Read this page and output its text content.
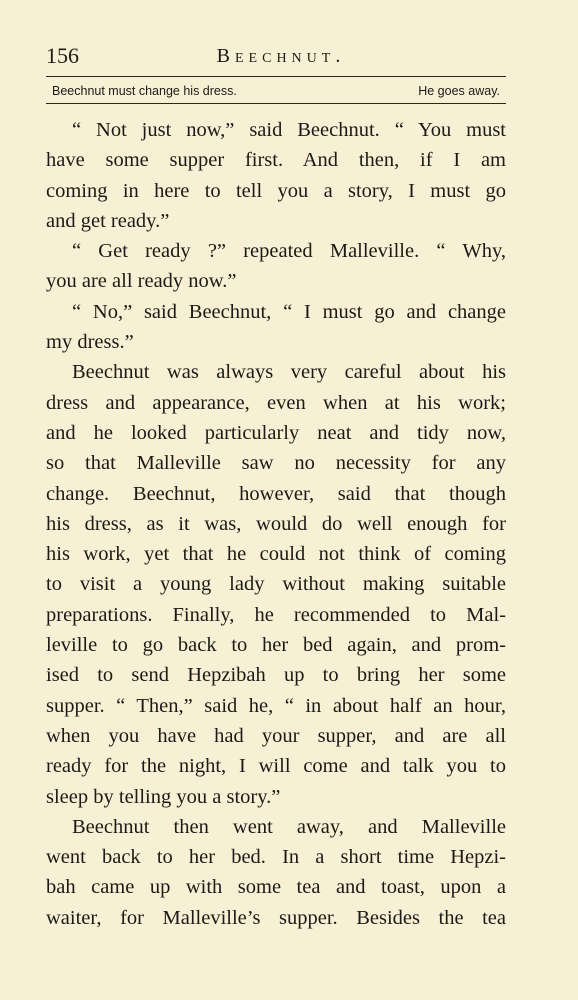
156	Beechnut.
Beechnut must change his dress.	He goes away.
“ Not just now,” said Beechnut. “ You must
have some supper first. And then, if I am
coming in here to tell you a story, I must go
and get ready.”
“ Get ready ?” repeated Malleville. “ Why,
you are all ready now.”
“ No,” said Beechnut, “ I must go and change
my dress.”
Beechnut was always very careful about his
dress and appearance, even when at his work;
and he looked particularly neat and tidy now,
so that Malleville saw no necessity for any
change. Beechnut, however, said that though
his dress, as it was, would do well enough for
his work, yet that he could not think of coming
to visit a young lady without making suitable
preparations. Finally, he recommended to Mal-
leville to go back to her bed again, and prom-
ised to send Hepzibah up to bring her some
supper. “ Then,” said he, “ in about half an hour,
when you have had your supper, and are all
ready for the night, I will come and talk you to
sleep by telling you a story.”
Beechnut then went away, and Malleville
went back to her bed. In a short time Hepzi-
bah came up with some tea and toast, upon a
waiter, for Malleville’s supper. Besides the tea
